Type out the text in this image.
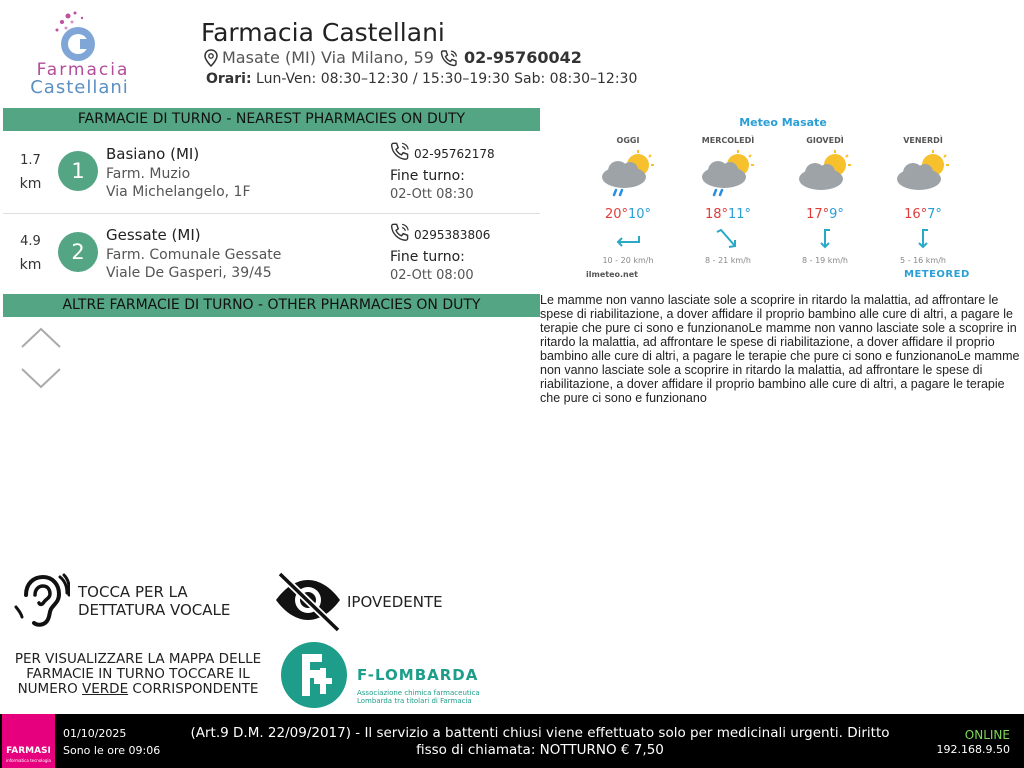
Farmacia
Castellani
Farmacia Castellani
Masate (MI) Via Milano, 59 02-95760042
Orari: Lun-Ven: 08:30–12:30 / 15:30–19:30 Sab: 08:30–12:30
FARMACIE DI TURNO - NEAREST PHARMACIES ON DUTY
1.7
km
1
Basiano (MI)
Farm. Muzio
Via Michelangelo, 1F
02-95762178
Fine turno:
02-Ott 08:30
4.9
km
2
Gessate (MI)
Farm. Comunale Gessate
Viale De Gasperi, 39/45
0295383806
Fine turno:
02-Ott 08:00
ALTRE FARMACIE DI TURNO - OTHER PHARMACIES ON DUTY
Meteo Masate
OGGI
20°10°
10 - 20 km/h
MERCOLEDÌ
18°11°
8 - 21 km/h
GIOVEDÌ
17°9°
8 - 19 km/h
VENERDÌ
16°7°
5 - 16 km/h
ilmeteo.net	METEORED
Le mamme non vanno lasciate sole a scoprire in ritardo la malattia, ad affrontare le spese di riabilitazione, a dover affidare il proprio bambino alle cure di altri, a pagare le terapie che pure ci sono e funzionanoLe mamme non vanno lasciate sole a scoprire in ritardo la malattia, ad affrontare le spese di riabilitazione, a dover affidare il proprio bambino alle cure di altri, a pagare le terapie che pure ci sono e funzionanoLe mamme non vanno lasciate sole a scoprire in ritardo la malattia, ad affrontare le spese di riabilitazione, a dover affidare il proprio bambino alle cure di altri, a pagare le terapie che pure ci sono e funzionano
TOCCA PER LA
DETTATURA VOCALE	IPOVEDENTE
PER VISUALIZZARE LA MAPPA DELLE
FARMACIE IN TURNO TOCCARE IL
NUMERO VERDE CORRISPONDENTE
F-LOMBARDA
Associazione chimica farmaceutica
Lombarda tra titolari di Farmacia
FARMASI
informatica tecnologia
01/10/2025
Sono le ore 09:06
(Art.9 D.M. 22/09/2017) - Il servizio a battenti chiusi viene effettuato solo per medicinali urgenti. Diritto fisso di chiamata: NOTTURNO € 7,50
ONLINE
192.168.9.50
